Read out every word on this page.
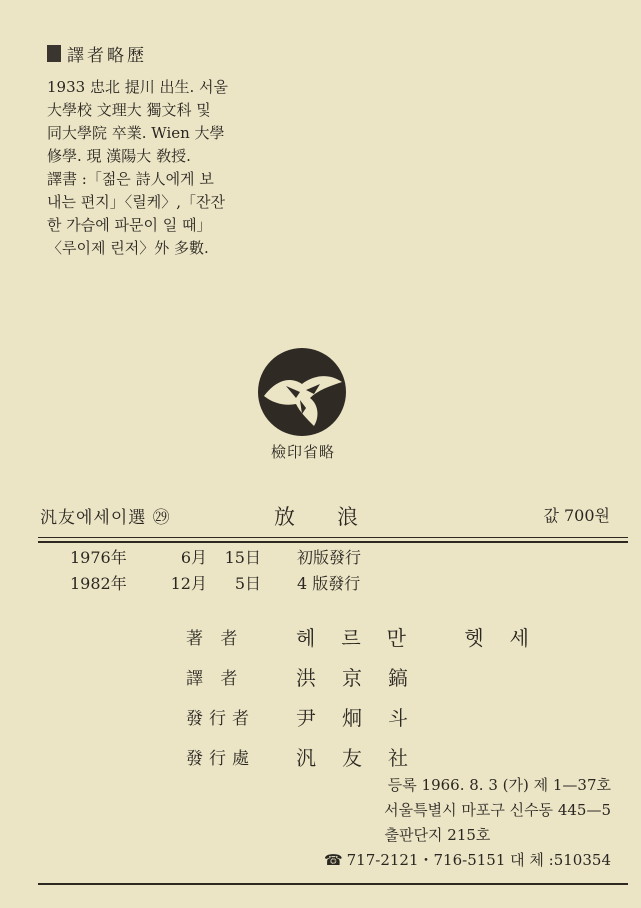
譯者略歷
1933 忠北 提川 出生. 서울
大學校 文理大 獨文科 및
同大學院 卒業. Wien 大學
修學. 現 漢陽大 敎授.
譯書 :「젊은 詩人에게 보
내는 편지」〈릴케〉,「잔잔
한 가슴에 파문이 일 때」
〈루이제 린저〉外 多數.
檢印省略
汎友에세이選 ㉙	放浪	값 700원
1976年	6月	15日 初版發行
1982年	12月	5日 4 版發行
著 者	헤르만 헷세
譯 者	洪京鎬
發行者	尹炯斗
發行處	汎友社
등록 1966. 8. 3 (가) 제 1—37호
서울특별시 마포구 신수동 445—5
출판단지 215호
☎ 717-2121・716-5151 대 체 :510354
